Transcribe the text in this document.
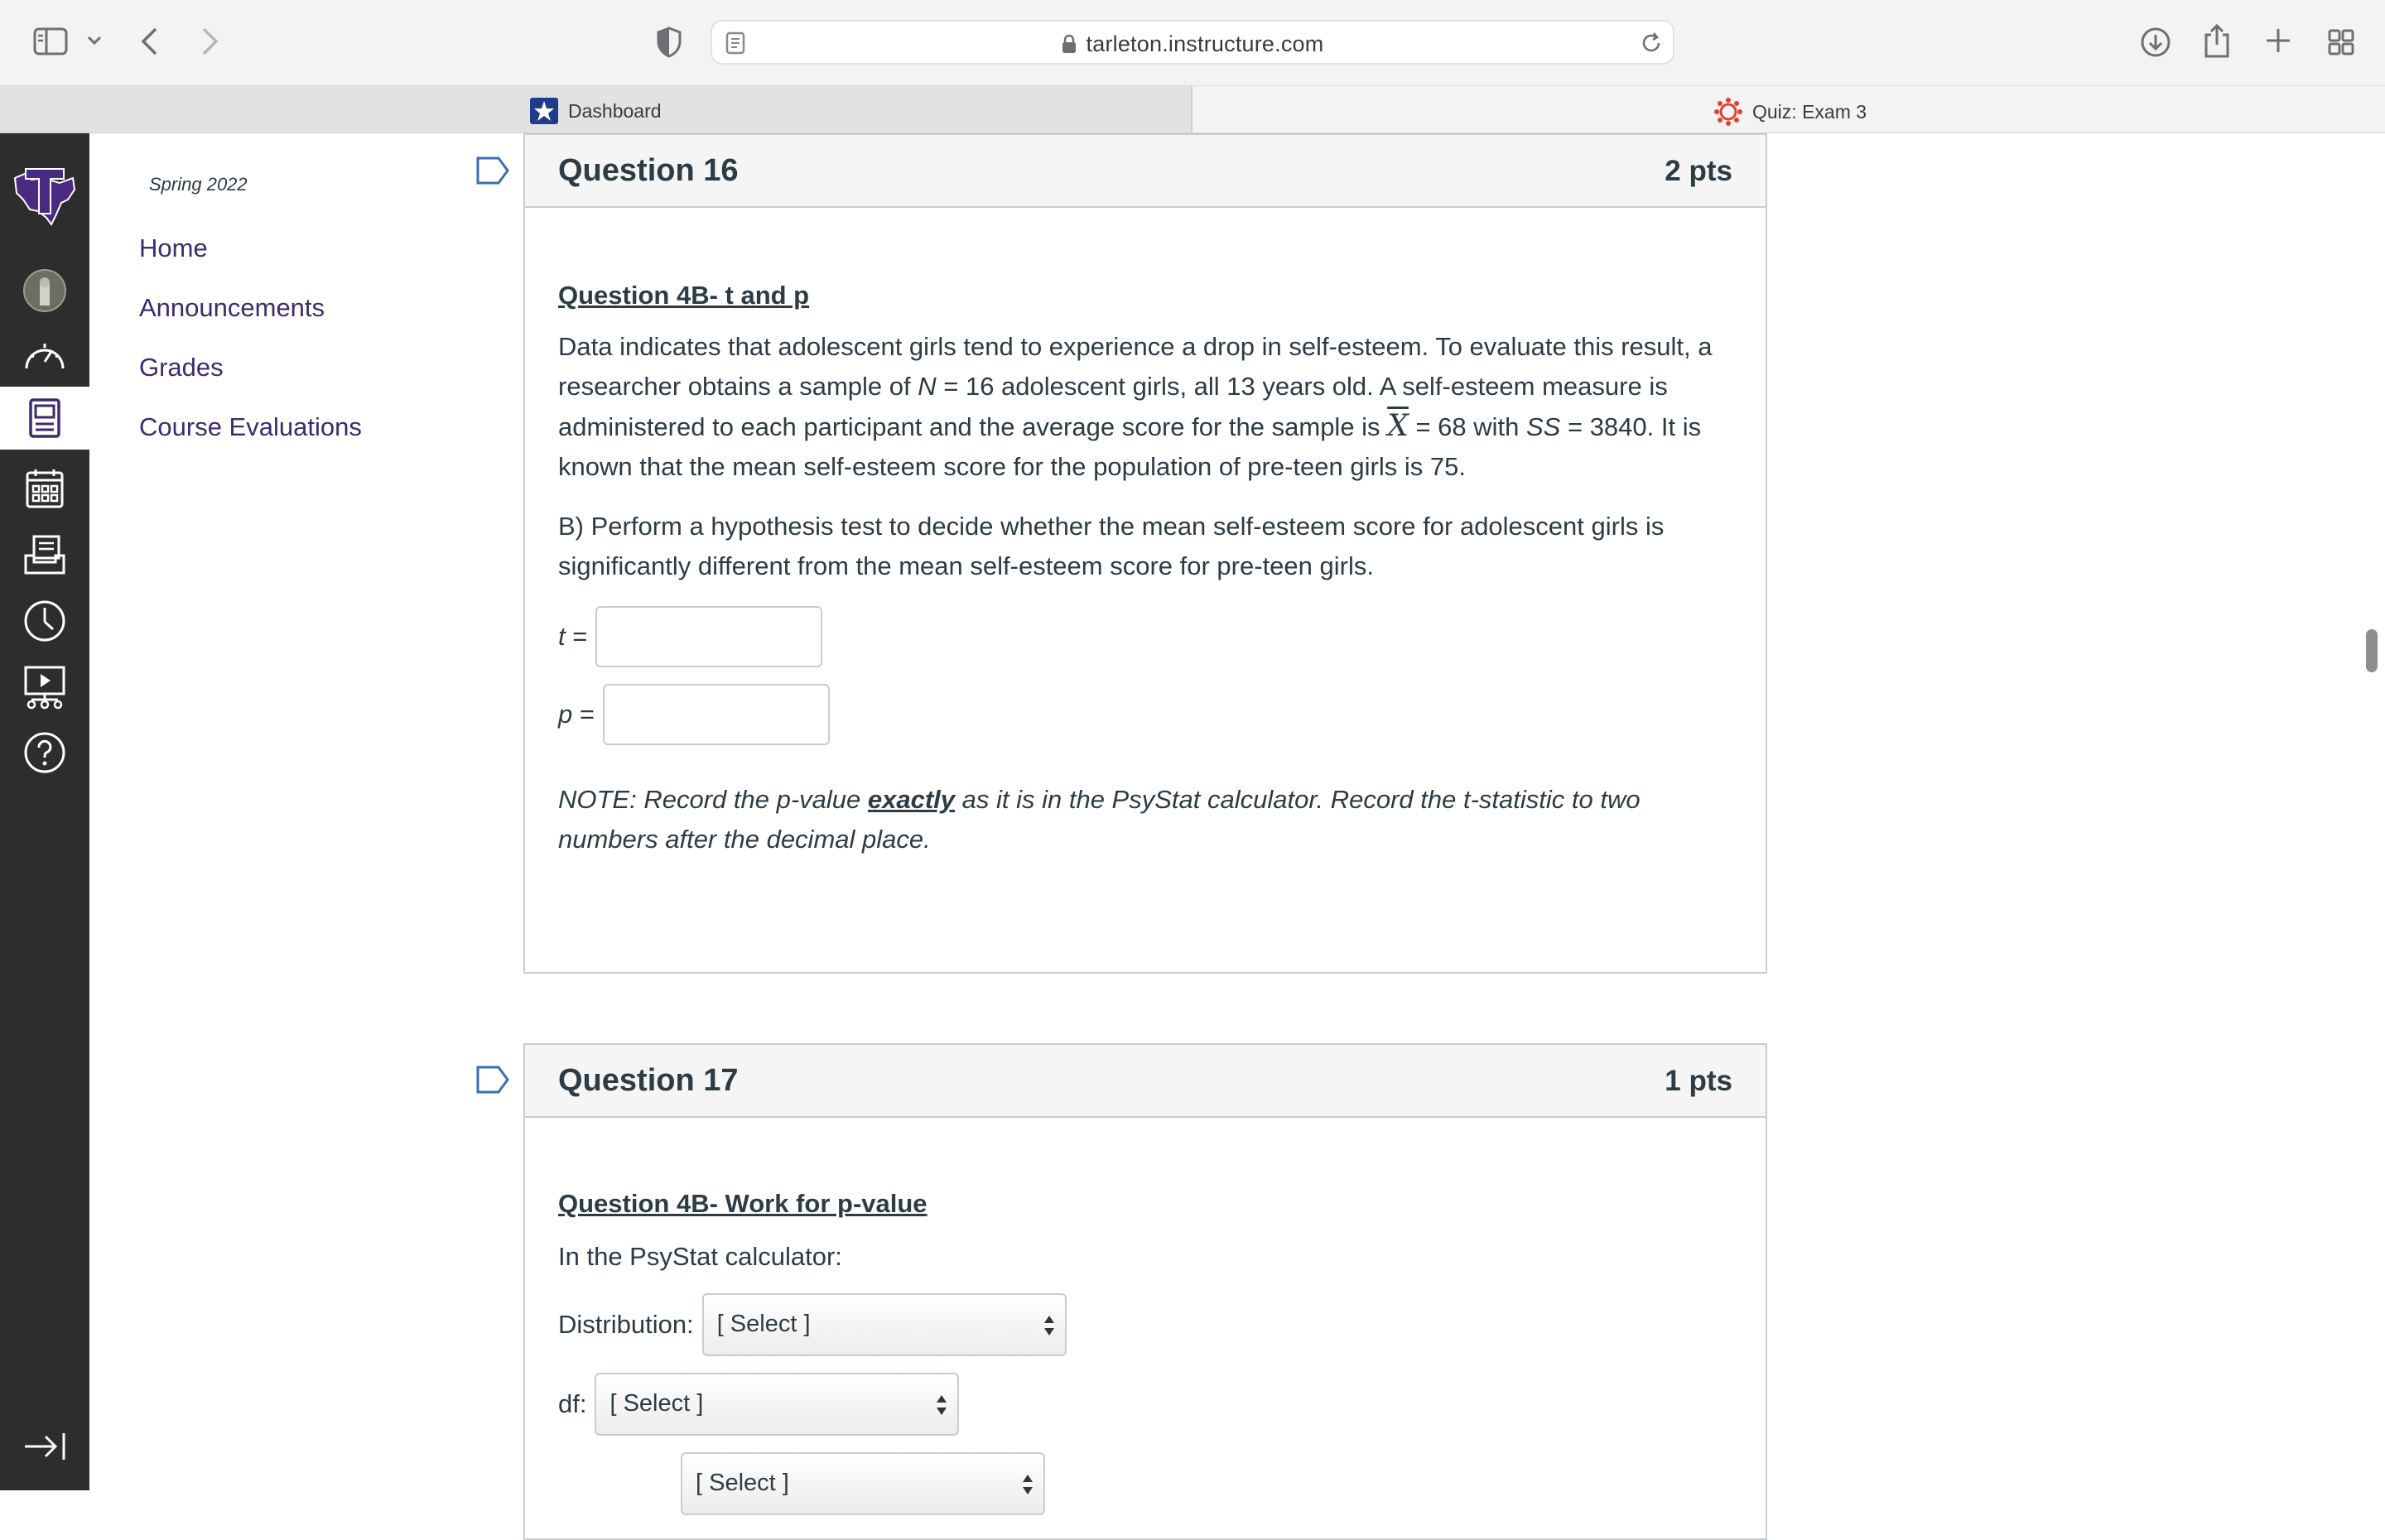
tarleton.instructure.com
Dashboard	Quiz: Exam 3
Spring 2022
Home
Announcements
Grades
Course Evaluations
Question 16	2 pts
Question 4B- t and p

Data indicates that adolescent girls tend to experience a drop in self-esteem. To evaluate this result, a researcher obtains a sample of N = 16 adolescent girls, all 13 years old. A self-esteem measure is administered to each participant and the average score for the sample is $\overline{X} = 68$ with SS = 3840. It is known that the mean self-esteem score for the population of pre-teen girls is 75.

B) Perform a hypothesis test to decide whether the mean self-esteem score for adolescent girls is significantly different from the mean self-esteem score for pre-teen girls.

t =
p =

NOTE: Record the p-value exactly as it is in the PsyStat calculator. Record the t-statistic to two numbers after the decimal place.

Question 17	1 pts
Question 4B- Work for p-value

In the PsyStat calculator:

Distribution: [ Select ]
df: [ Select ]
[ Select ]
